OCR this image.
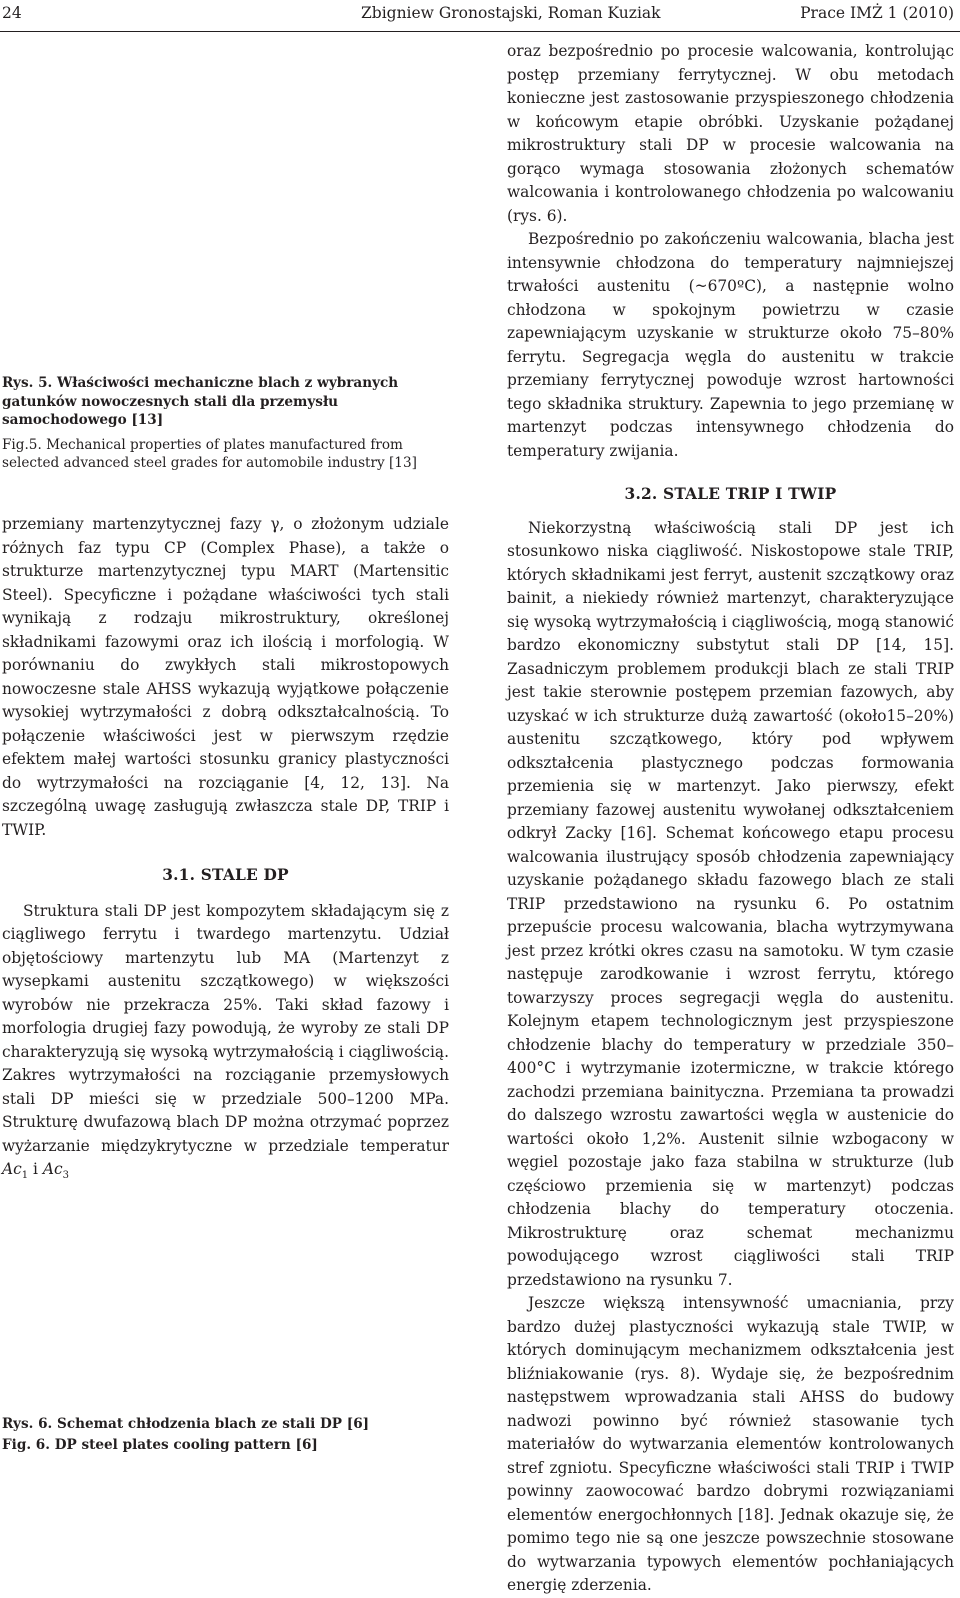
24	Zbigniew Gronostajski, Roman Kuziak	Prace IMŻ 1 (2010)
Rys. 5. Właściwości mechaniczne blach z wybranych gatunków nowoczesnych stali dla przemysłu samochodowego [13]
Fig.5. Mechanical properties of plates manufactured from selected advanced steel grades for automobile industry [13]

przemiany martenzytycznej fazy γ, o złożonym udziale różnych faz typu CP (Complex Phase), a także o strukturze martenzytycznej typu MART (Martensitic Steel). Specyficzne i pożądane właściwości tych stali wynikają z rodzaju mikrostruktury, określonej składnikami fazowymi oraz ich ilością i morfologią. W porównaniu do zwykłych stali mikrostopowych nowoczesne stale AHSS wykazują wyjątkowe połączenie wysokiej wytrzymałości z dobrą odkształcalnością. To połączenie właściwości jest w pierwszym rzędzie efektem małej wartości stosunku granicy plastyczności do wytrzymałości na rozciąganie [4, 12, 13]. Na szczególną uwagę zasługują zwłaszcza stale DP, TRIP i TWIP.

3.1. STALE DP

Struktura stali DP jest kompozytem składającym się z ciągliwego ferrytu i twardego martenzytu. Udział objętościowy martenzytu lub MA (Martenzyt z wysepkami austenitu szczątkowego) w większości wyrobów nie przekracza 25%. Taki skład fazowy i morfologia drugiej fazy powodują, że wyroby ze stali DP charakteryzują się wysoką wytrzymałością i ciągliwością. Zakres wytrzymałości na rozciąganie przemysłowych stali DP mieści się w przedziale 500–1200 MPa. Strukturę dwufazową blach DP można otrzymać poprzez wyżarzanie międzykrytyczne w przedziale temperatur $Ac_1$ i $Ac_3$

Rys. 6. Schemat chłodzenia blach ze stali DP [6]
Fig. 6. DP steel plates cooling pattern [6]

oraz bezpośrednio po procesie walcowania, kontrolując postęp przemiany ferrytycznej. W obu metodach konieczne jest zastosowanie przyspieszonego chłodzenia w końcowym etapie obróbki. Uzyskanie pożądanej mikrostruktury stali DP w procesie walcowania na gorąco wymaga stosowania złożonych schematów walcowania i kontrolowanego chłodzenia po walcowaniu (rys. 6).

Bezpośrednio po zakończeniu walcowania, blacha jest intensywnie chłodzona do temperatury najmniejszej trwałości austenitu (~670ºC), a następnie wolno chłodzona w spokojnym powietrzu w czasie zapewniającym uzyskanie w strukturze około 75–80% ferrytu. Segregacja węgla do austenitu w trakcie przemiany ferrytycznej powoduje wzrost hartowności tego składnika struktury. Zapewnia to jego przemianę w martenzyt podczas intensywnego chłodzenia do temperatury zwijania.

3.2. STALE TRIP I TWIP

Niekorzystną właściwością stali DP jest ich stosunkowo niska ciągliwość. Niskostopowe stale TRIP, których składnikami jest ferryt, austenit szczątkowy oraz bainit, a niekiedy również martenzyt, charakteryzujące się wysoką wytrzymałością i ciągliwością, mogą stanowić bardzo ekonomiczny substytut stali DP [14, 15]. Zasadniczym problemem produkcji blach ze stali TRIP jest takie sterownie postępem przemian fazowych, aby uzyskać w ich strukturze dużą zawartość (około15–20%) austenitu szczątkowego, który pod wpływem odkształcenia plastycznego podczas formowania przemienia się w martenzyt. Jako pierwszy, efekt przemiany fazowej austenitu wywołanej odkształceniem odkrył Zacky [16]. Schemat końcowego etapu procesu walcowania ilustrujący sposób chłodzenia zapewniający uzyskanie pożądanego składu fazowego blach ze stali TRIP przedstawiono na rysunku 6. Po ostatnim przepuście procesu walcowania, blacha wytrzymywana jest przez krótki okres czasu na samotoku. W tym czasie następuje zarodkowanie i wzrost ferrytu, którego towarzyszy proces segregacji węgla do austenitu. Kolejnym etapem technologicznym jest przyspieszone chłodzenie blachy do temperatury w przedziale 350–400°C i wytrzymanie izotermiczne, w trakcie którego zachodzi przemiana bainityczna. Przemiana ta prowadzi do dalszego wzrostu zawartości węgla w austenicie do wartości około 1,2%. Austenit silnie wzbogacony w węgiel pozostaje jako faza stabilna w strukturze (lub częściowo przemienia się w martenzyt) podczas chłodzenia blachy do temperatury otoczenia. Mikrostrukturę oraz schemat mechanizmu powodującego wzrost ciągliwości stali TRIP przedstawiono na rysunku 7.

Jeszcze większą intensywność umacniania, przy bardzo dużej plastyczności wykazują stale TWIP, w których dominującym mechanizmem odkształcenia jest bliźniakowanie (rys. 8). Wydaje się, że bezpośrednim następstwem wprowadzania stali AHSS do budowy nadwozi powinno być również stasowanie tych materiałów do wytwarzania elementów kontrolowanych stref zgniotu. Specyficzne właściwości stali TRIP i TWIP powinny zaowocować bardzo dobrymi rozwiązaniami elementów energochłonnych [18]. Jednak okazuje się, że pomimo tego nie są one jeszcze powszechnie stosowane do wytwarzania typowych elementów pochłaniających energię zderzenia.
